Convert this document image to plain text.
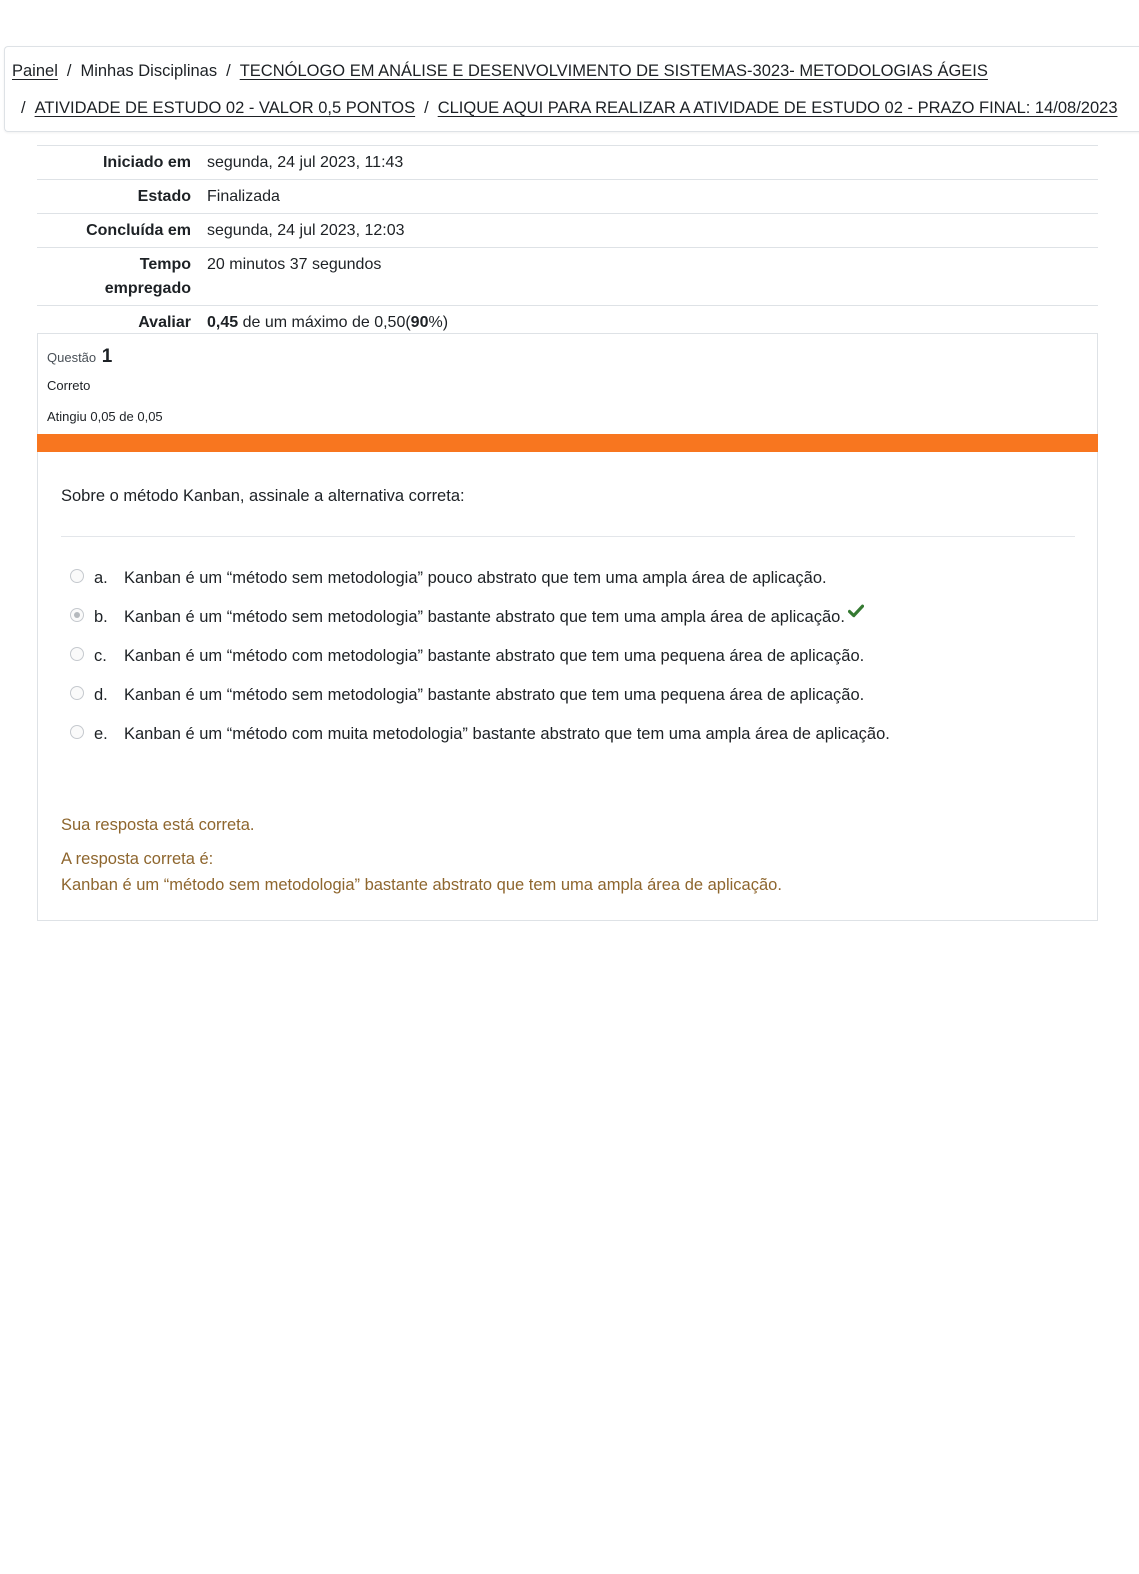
Painel / Minhas Disciplinas / TECNÓLOGO EM ANÁLISE E DESENVOLVIMENTO DE SISTEMAS-3023- METODOLOGIAS ÁGEIS
/ ATIVIDADE DE ESTUDO 02 - VALOR 0,5 PONTOS / CLIQUE AQUI PARA REALIZAR A ATIVIDADE DE ESTUDO 02 - PRAZO FINAL: 14/08/2023
Iniciado em	segunda, 24 jul 2023, 11:43
Estado	Finalizada
Concluída em	segunda, 24 jul 2023, 12:03
Tempo
empregado	20 minutos 37 segundos
Avaliar	0,45 de um máximo de 0,50(90%)
Questão 1
Correto
Atingiu 0,05 de 0,05
Sobre o método Kanban, assinale a alternativa correta:
a. Kanban é um “método sem metodologia” pouco abstrato que tem uma ampla área de aplicação.
b. Kanban é um “método sem metodologia” bastante abstrato que tem uma ampla área de aplicação.
c.	Kanban é um “método com metodologia” bastante abstrato que tem uma pequena área de aplicação.
d. Kanban é um “método sem metodologia” bastante abstrato que tem uma pequena área de aplicação.
e. Kanban é um “método com muita metodologia” bastante abstrato que tem uma ampla área de aplicação.
Sua resposta está correta.
A resposta correta é:
Kanban é um “método sem metodologia” bastante abstrato que tem uma ampla área de aplicação.
